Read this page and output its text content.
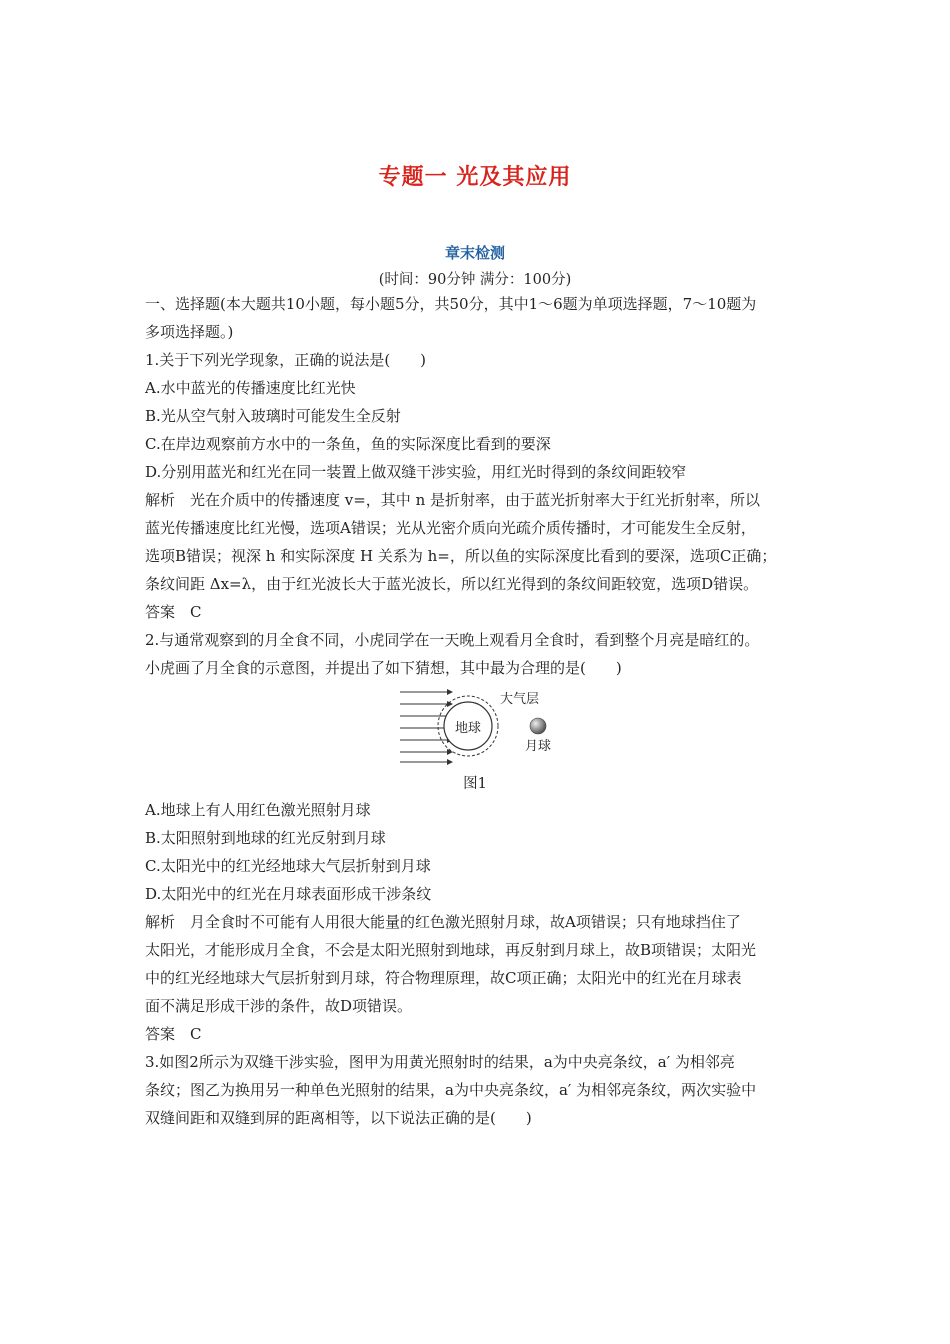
专题一 光及其应用
章末检测
(时间：90分钟 满分：100分)
一、选择题(本大题共10小题，每小题5分，共50分，其中1～6题为单项选择题，7～10题为
多项选择题。)
1.关于下列光学现象，正确的说法是(　　)
A.水中蓝光的传播速度比红光快
B.光从空气射入玻璃时可能发生全反射
C.在岸边观察前方水中的一条鱼，鱼的实际深度比看到的要深
D.分别用蓝光和红光在同一装置上做双缝干涉实验，用红光时得到的条纹间距较窄
解析　光在介质中的传播速度 v=，其中 n 是折射率，由于蓝光折射率大于红光折射率，所以
蓝光传播速度比红光慢，选项A错误；光从光密介质向光疏介质传播时，才可能发生全反射，
选项B错误；视深 h 和实际深度 H 关系为 h=，所以鱼的实际深度比看到的要深，选项C正确；
条纹间距 Δx=λ，由于红光波长大于蓝光波长，所以红光得到的条纹间距较宽，选项D错误。
答案　C
2.与通常观察到的月全食不同，小虎同学在一天晚上观看月全食时，看到整个月亮是暗红的。
小虎画了月全食的示意图，并提出了如下猜想，其中最为合理的是(　　)
地球
大气层
月球
图1
A.地球上有人用红色激光照射月球
B.太阳照射到地球的红光反射到月球
C.太阳光中的红光经地球大气层折射到月球
D.太阳光中的红光在月球表面形成干涉条纹
解析　月全食时不可能有人用很大能量的红色激光照射月球，故A项错误；只有地球挡住了
太阳光，才能形成月全食，不会是太阳光照射到地球，再反射到月球上，故B项错误；太阳光
中的红光经地球大气层折射到月球，符合物理原理，故C项正确；太阳光中的红光在月球表
面不满足形成干涉的条件，故D项错误。
答案　C
3.如图2所示为双缝干涉实验，图甲为用黄光照射时的结果，a为中央亮条纹，a′ 为相邻亮
条纹；图乙为换用另一种单色光照射的结果，a为中央亮条纹，a′ 为相邻亮条纹，两次实验中
双缝间距和双缝到屏的距离相等，以下说法正确的是(　　)
